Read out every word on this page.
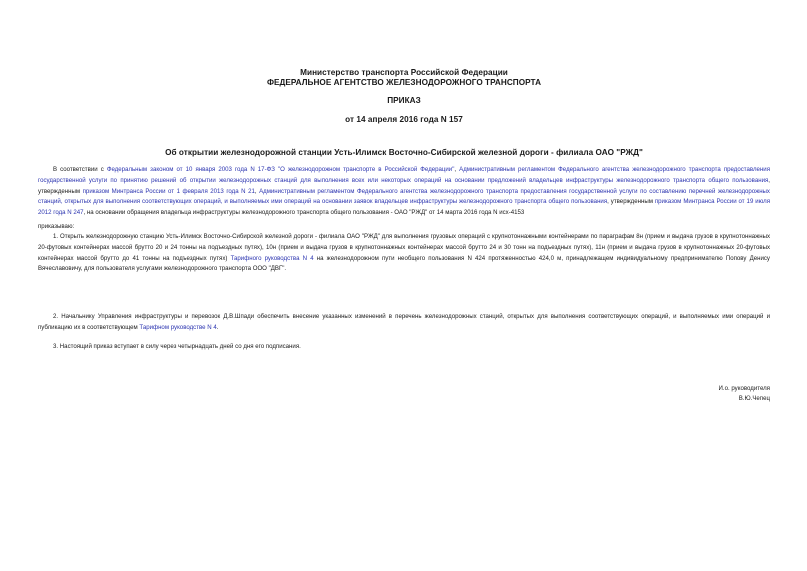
Министерство транспорта Российской Федерации
ФЕДЕРАЛЬНОЕ АГЕНТСТВО ЖЕЛЕЗНОДОРОЖНОГО ТРАНСПОРТА
ПРИКАЗ
от 14 апреля 2016 года N 157
Об открытии железнодорожной станции Усть-Илимск Восточно-Сибирской железной дороги - филиала ОАО "РЖД"

В соответствии с Федеральным законом от 10 января 2003 года N 17-ФЗ "О железнодорожном транспорте в Российской Федерации", Административным регламентом Федерального агентства железнодорожного транспорта предоставления государственной услуги по принятию решений об открытии железнодорожных станций для выполнения всех или некоторых операций на основании предложений владельцев инфраструктуры железнодорожного транспорта общего пользования, утвержденным приказом Минтранса России от 1 февраля 2013 года N 21, Административным регламентом Федерального агентства железнодорожного транспорта предоставления государственной услуги по составлению перечней железнодорожных станций, открытых для выполнения соответствующих операций, и выполняемых ими операций на основании заявок владельцев инфраструктуры железнодорожного транспорта общего пользования, утвержденным приказом Минтранса России от 19 июля 2012 года N 247, на основании обращения владельца инфраструктуры железнодорожного транспорта общего пользования - ОАО "РЖД" от 14 марта 2016 года N исх-4153

приказываю:

1. Открыть железнодорожную станцию Усть-Илимск Восточно-Сибирской железной дороги - филиала ОАО "РЖД" для выполнения грузовых операций с крупнотоннажными контейнерами по параграфам 8н (прием и выдача грузов в крупнотоннажных 20-футовых контейнерах массой брутто 20 и 24 тонны на подъездных путях), 10н (прием и выдача грузов в крупнотоннажных контейнерах массой брутто 24 и 30 тонн на подъездных путях), 11н (прием и выдача грузов в крупнотоннажных 20-футовых контейнерах массой брутто до 41 тонны на подъездных путях) Тарифного руководства N 4 на железнодорожном пути необщего пользования N 424 протяженностью 424,0 м, принадлежащем индивидуальному предпринимателю Попову Денису Вячеславовичу, для пользователя услугами железнодорожного транспорта ООО "ДВГ".

2. Начальнику Управления инфраструктуры и перевозок Д.В.Шпади обеспечить внесение указанных изменений в перечень железнодорожных станций, открытых для выполнения соответствующих операций, и выполняемых ими операций и публикацию их в соответствующем Тарифном руководстве N 4.

3. Настоящий приказ вступает в силу через четырнадцать дней со дня его подписания.

И.о. руководителя
В.Ю.Чепец
